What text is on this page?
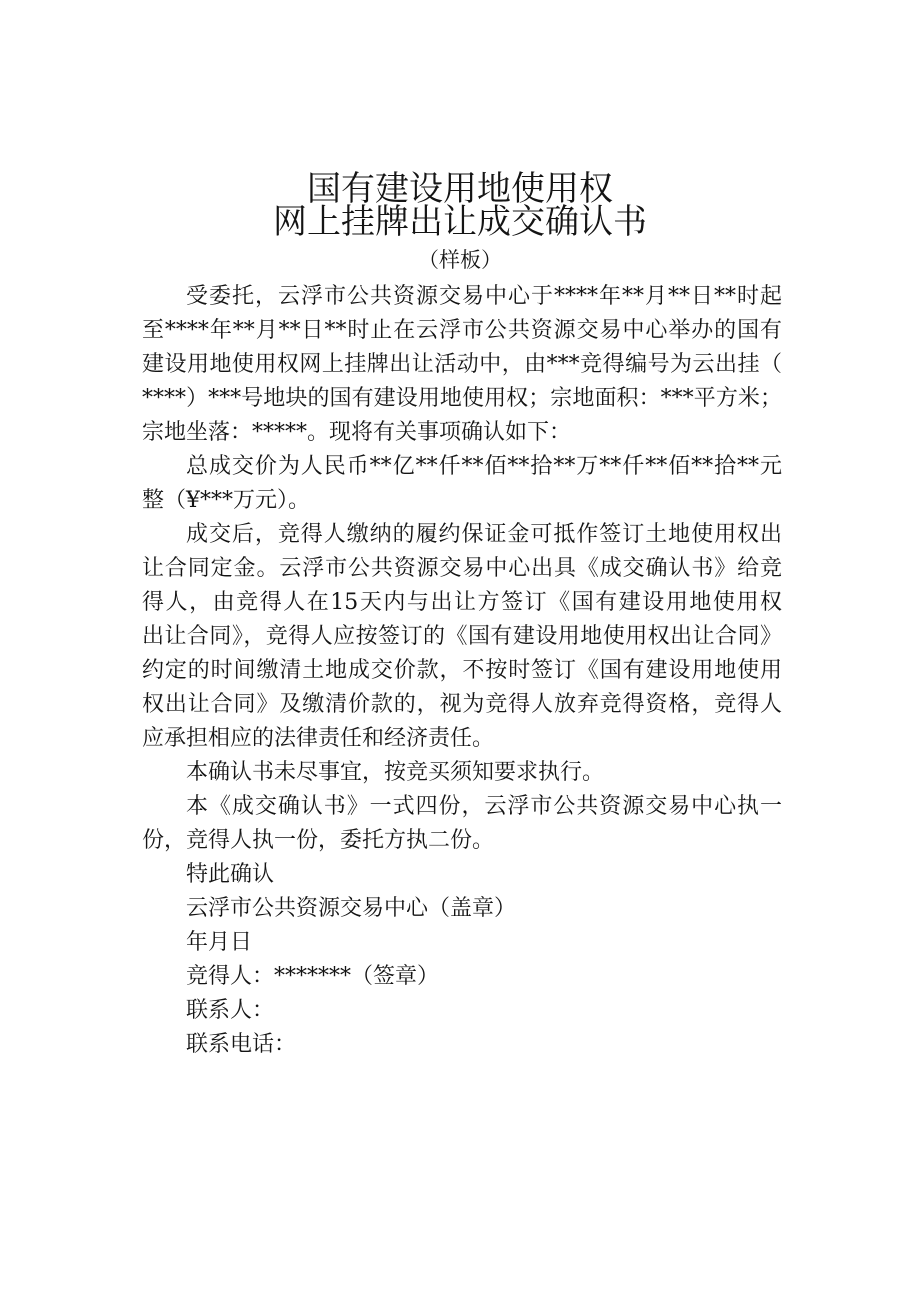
国有建设用地使用权
网上挂牌出让成交确认书
（样板）
受委托，云浮市公共资源交易中心于****年**月**日**时起
至****年**月**日**时止在云浮市公共资源交易中心举办的国有
建设用地使用权网上挂牌出让活动中，由***竞得编号为云出挂（
****）***号地块的国有建设用地使用权；宗地面积：***平方米；
宗地坐落：*****。现将有关事项确认如下：
总成交价为人民币**亿**仟**佰**拾**万**仟**佰**拾**元
整（¥***万元）。
成交后，竞得人缴纳的履约保证金可抵作签订土地使用权出
让合同定金。云浮市公共资源交易中心出具《成交确认书》给竞
得人，由竞得人在15天内与出让方签订《国有建设用地使用权
出让合同》，竞得人应按签订的《国有建设用地使用权出让合同》
约定的时间缴清土地成交价款，不按时签订《国有建设用地使用
权出让合同》及缴清价款的，视为竞得人放弃竞得资格，竞得人
应承担相应的法律责任和经济责任。
本确认书未尽事宜，按竞买须知要求执行。
本《成交确认书》一式四份，云浮市公共资源交易中心执一
份，竞得人执一份，委托方执二份。
特此确认
云浮市公共资源交易中心（盖章）
年月日
竞得人：*******（签章）
联系人：
联系电话：
